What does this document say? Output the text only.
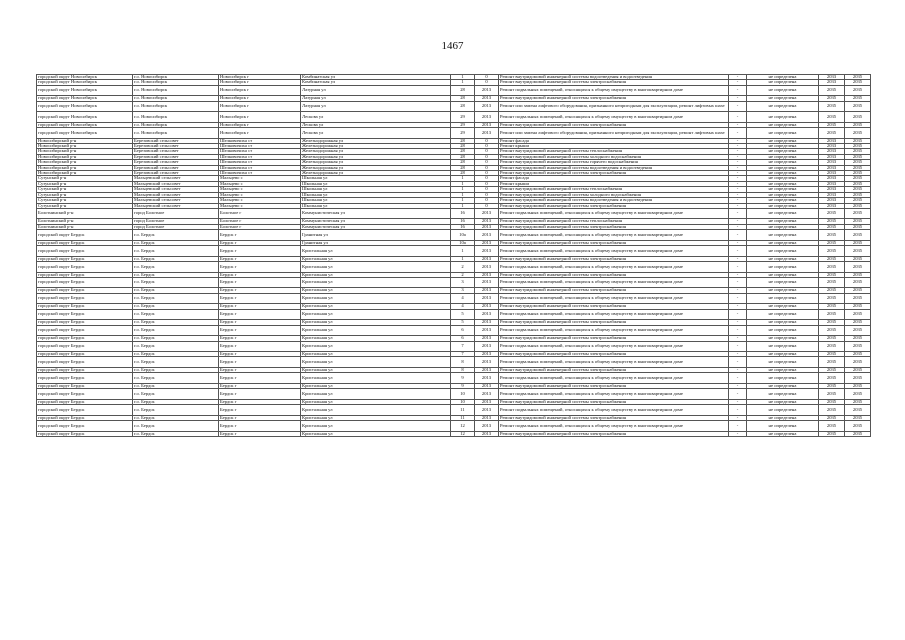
1467
городской округ Новосибирск	г.о. Новосибирск	Новосибирск г	Комбинатская ул	1	0	Ремонт внутридомовой инженерной системы водоотведения и водоотведения	-	не определена	2033	2035
городской округ Новосибирск	г.о. Новосибирск	Новосибирск г	Комбинатская ул	1	0	Ремонт внутридомовой инженерной системы электроснабжения	-	не определена	2033	2035
городской округ Новосибирск	г.о. Новосибирск	Новосибирск г	Лазурная ул	28	2013	Ремонт подвальных помещений, относящихся к общему имуществу в многоквартирном доме	-	не определена	2035	2035
городской округ Новосибирск	г.о. Новосибирск	Новосибирск г	Лазурная ул	28	2013	Ремонт внутридомовой инженерной системы электроснабжения	-	не определена	2035	2035
городской округ Новосибирск	г.о. Новосибирск	Новосибирск г	Лазурная ул	28	2013	Ремонт или замена лифтового оборудования, признанного непригодным для эксплуатации, ремонт лифтовых шахт	-	не определена	2035	2035
городской округ Новосибирск	г.о. Новосибирск	Новосибирск г	Лескова ул	29	2013	Ремонт подвальных помещений, относящихся к общему имуществу в многоквартирном доме	-	не определена	2035	2035
городской округ Новосибирск	г.о. Новосибирск	Новосибирск г	Лескова ул	29	2013	Ремонт внутридомовой инженерной системы электроснабжения	-	не определена	2035	2035
городской округ Новосибирск	г.о. Новосибирск	Новосибирск г	Лескова ул	29	2013	Ремонт или замена лифтового оборудования, признанного непригодным для эксплуатации, ремонт лифтовых шахт	-	не определена	2035	2035
Новосибирский р-н	Березовский сельсовет	Шелковичиха ст	Железнодорожная ул	28	0	Ремонт фасада	-	не определена	2033	2035
Новосибирский р-н	Березовский сельсовет	Шелковичиха ст	Железнодорожная ул	28	0	Ремонт крыши	-	не определена	2033	2035
Новосибирский р-н	Березовский сельсовет	Шелковичиха ст	Железнодорожная ул	28	0	Ремонт внутридомовой инженерной системы теплоснабжения	-	не определена	2033	2035
Новосибирский р-н	Березовский сельсовет	Шелковичиха ст	Железнодорожная ул	28	0	Ремонт внутридомовой инженерной системы холодного водоснабжения	-	не определена	2033	2035
Новосибирский р-н	Березовский сельсовет	Шелковичиха ст	Железнодорожная ул	28	0	Ремонт внутридомовой инженерной системы горячего водоснабжения	-	не определена	2033	2035
Новосибирский р-н	Березовский сельсовет	Шелковичиха ст	Железнодорожная ул	28	0	Ремонт внутридомовой инженерной системы водоотведения и водоотведения	-	не определена	2033	2035
Новосибирский р-н	Березовский сельсовет	Шелковичиха ст	Железнодорожная ул	28	0	Ремонт внутридомовой инженерной системы электроснабжения	-	не определена	2033	2035
Сузунский р-н	Мальцевский сельсовет	Мальцево с	Школьная ул	1	0	Ремонт фасада	-	не определена	2033	2035
Сузунский р-н	Мальцевский сельсовет	Мальцево с	Школьная ул	1	0	Ремонт крыши	-	не определена	2033	2035
Сузунский р-н	Мальцевский сельсовет	Мальцево с	Школьная ул	1	0	Ремонт внутридомовой инженерной системы теплоснабжения	-	не определена	2033	2035
Сузунский р-н	Мальцевский сельсовет	Мальцево с	Школьная ул	1	0	Ремонт внутридомовой инженерной системы холодного водоснабжения	-	не определена	2033	2035
Сузунский р-н	Мальцевский сельсовет	Мальцево с	Школьная ул	1	0	Ремонт внутридомовой инженерной системы водоотведения и водоотведения	-	не определена	2033	2035
Сузунский р-н	Мальцевский сельсовет	Мальцево с	Школьная ул	1	0	Ремонт внутридомовой инженерной системы электроснабжения	-	не определена	2033	2035
Болотнинский р-н	город Болотное	Болотное г	Коммунистическая ул	16	2013	Ремонт подвальных помещений, относящихся к общему имуществу в многоквартирном доме	-	не определена	2035	2035
Болотнинский р-н	город Болотное	Болотное г	Коммунистическая ул	16	2013	Ремонт внутридомовой инженерной системы теплоснабжения	-	не определена	2035	2035
Болотнинский р-н	город Болотное	Болотное г	Коммунистическая ул	16	2013	Ремонт внутридомовой инженерной системы электроснабжения	-	не определена	2035	2035
городской округ Бердск	г.о. Бердск	Бердск г	Гранитная ул	10а	2013	Ремонт подвальных помещений, относящихся к общему имуществу в многоквартирном доме	-	не определена	2035	2035
городской округ Бердск	г.о. Бердск	Бердск г	Гранитная ул	10а	2013	Ремонт внутридомовой инженерной системы электроснабжения	-	не определена	2035	2035
городской округ Бердск	г.о. Бердск	Бердск г	Кристальная ул	1	2013	Ремонт подвальных помещений, относящихся к общему имуществу в многоквартирном доме	-	не определена	2035	2035
городской округ Бердск	г.о. Бердск	Бердск г	Кристальная ул	1	2013	Ремонт внутридомовой инженерной системы электроснабжения	-	не определена	2035	2035
городской округ Бердск	г.о. Бердск	Бердск г	Кристальная ул	2	2013	Ремонт подвальных помещений, относящихся к общему имуществу в многоквартирном доме	-	не определена	2035	2035
городской округ Бердск	г.о. Бердск	Бердск г	Кристальная ул	2	2013	Ремонт внутридомовой инженерной системы электроснабжения	-	не определена	2035	2035
городской округ Бердск	г.о. Бердск	Бердск г	Кристальная ул	3	2013	Ремонт подвальных помещений, относящихся к общему имуществу в многоквартирном доме	-	не определена	2035	2035
городской округ Бердск	г.о. Бердск	Бердск г	Кристальная ул	3	2013	Ремонт внутридомовой инженерной системы электроснабжения	-	не определена	2035	2035
городской округ Бердск	г.о. Бердск	Бердск г	Кристальная ул	4	2013	Ремонт подвальных помещений, относящихся к общему имуществу в многоквартирном доме	-	не определена	2035	2035
городской округ Бердск	г.о. Бердск	Бердск г	Кристальная ул	4	2013	Ремонт внутридомовой инженерной системы электроснабжения	-	не определена	2035	2035
городской округ Бердск	г.о. Бердск	Бердск г	Кристальная ул	5	2013	Ремонт подвальных помещений, относящихся к общему имуществу в многоквартирном доме	-	не определена	2035	2035
городской округ Бердск	г.о. Бердск	Бердск г	Кристальная ул	5	2013	Ремонт внутридомовой инженерной системы электроснабжения	-	не определена	2035	2035
городской округ Бердск	г.о. Бердск	Бердск г	Кристальная ул	6	2013	Ремонт подвальных помещений, относящихся к общему имуществу в многоквартирном доме	-	не определена	2035	2035
городской округ Бердск	г.о. Бердск	Бердск г	Кристальная ул	6	2013	Ремонт внутридомовой инженерной системы электроснабжения	-	не определена	2035	2035
городской округ Бердск	г.о. Бердск	Бердск г	Кристальная ул	7	2013	Ремонт подвальных помещений, относящихся к общему имуществу в многоквартирном доме	-	не определена	2035	2035
городской округ Бердск	г.о. Бердск	Бердск г	Кристальная ул	7	2013	Ремонт внутридомовой инженерной системы электроснабжения	-	не определена	2035	2035
городской округ Бердск	г.о. Бердск	Бердск г	Кристальная ул	8	2013	Ремонт подвальных помещений, относящихся к общему имуществу в многоквартирном доме	-	не определена	2035	2035
городской округ Бердск	г.о. Бердск	Бердск г	Кристальная ул	8	2013	Ремонт внутридомовой инженерной системы электроснабжения	-	не определена	2035	2035
городской округ Бердск	г.о. Бердск	Бердск г	Кристальная ул	9	2013	Ремонт подвальных помещений, относящихся к общему имуществу в многоквартирном доме	-	не определена	2035	2035
городской округ Бердск	г.о. Бердск	Бердск г	Кристальная ул	9	2013	Ремонт внутридомовой инженерной системы электроснабжения	-	не определена	2035	2035
городской округ Бердск	г.о. Бердск	Бердск г	Кристальная ул	10	2013	Ремонт подвальных помещений, относящихся к общему имуществу в многоквартирном доме	-	не определена	2035	2035
городской округ Бердск	г.о. Бердск	Бердск г	Кристальная ул	10	2013	Ремонт внутридомовой инженерной системы электроснабжения	-	не определена	2035	2035
городской округ Бердск	г.о. Бердск	Бердск г	Кристальная ул	11	2013	Ремонт подвальных помещений, относящихся к общему имуществу в многоквартирном доме	-	не определена	2035	2035
городской округ Бердск	г.о. Бердск	Бердск г	Кристальная ул	11	2013	Ремонт внутридомовой инженерной системы электроснабжения	-	не определена	2035	2035
городской округ Бердск	г.о. Бердск	Бердск г	Кристальная ул	12	2013	Ремонт подвальных помещений, относящихся к общему имуществу в многоквартирном доме	-	не определена	2035	2035
городской округ Бердск	г.о. Бердск	Бердск г	Кристальная ул	12	2013	Ремонт внутридомовой инженерной системы электроснабжения	-	не определена	2035	2035
